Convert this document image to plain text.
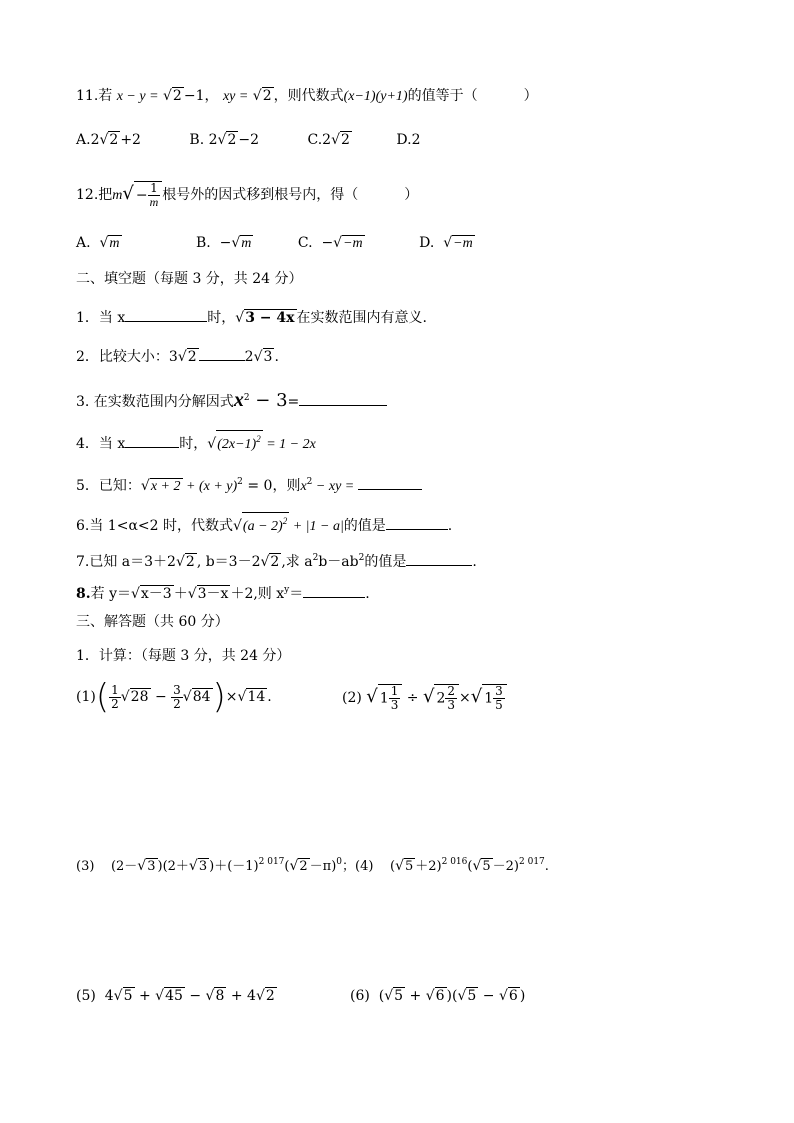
11.若 x − y = √2 −1， xy = √2 ，则代数式(x−1)(y+1)的值等于（	）
A.2√2 +2	B. 2√2 −2	C.2√2	D.2
12.把$m√ - \frac{1}{m}$ 根号外的因式移到根号内，得（	）
A. √m	B. −√m	C. −√−m	D. √−m
二、填空题（每题 3 分，共 24 分）
1．当 x	时，√3 − 4x 在实数范围内有意义.
2．比较大小：3√2	2√3 .
3. 在实数范围内分解因式$x^2 - 3=$
4．当 x	时，$√(2x-1)^2 = 1 - 2x$
5．已知：$√x + 2 + (x + y)^2 = 0$，则$x^2$ − xy =
6.当 1<α<2 时，代数式$√(a - 2)^2 + |1 - a|$的值是	.
7.已知 a＝3＋2√2 , b＝3－2√2 ,求 $a^2b-ab^2$的值是	.
8.若 y＝√x－3 ＋√3－x ＋2,则 $x^y=$	.
三、解答题（共 60 分）
1．计算：（每题 3 分，共 24 分）
$(1)( \frac{1}{2} √28 - \frac{3}{2} √84)\times√14$ .	(2) √ $1 \frac{1}{3}$ ÷ √ $2 \frac{2}{3}$ ×√ $1 \frac{3}{5}$
(3) (2－√3 )(2＋√3 )$+(-1)^{2 017}(√2 -\pi)^0$；(4) $(√5 +2)^{2 016}(√5 -2)^{2 017}$.
(5) 4√5 + √45 − √8 + 4√2	(6) (√5 + √6 )(√5 − √6 )
